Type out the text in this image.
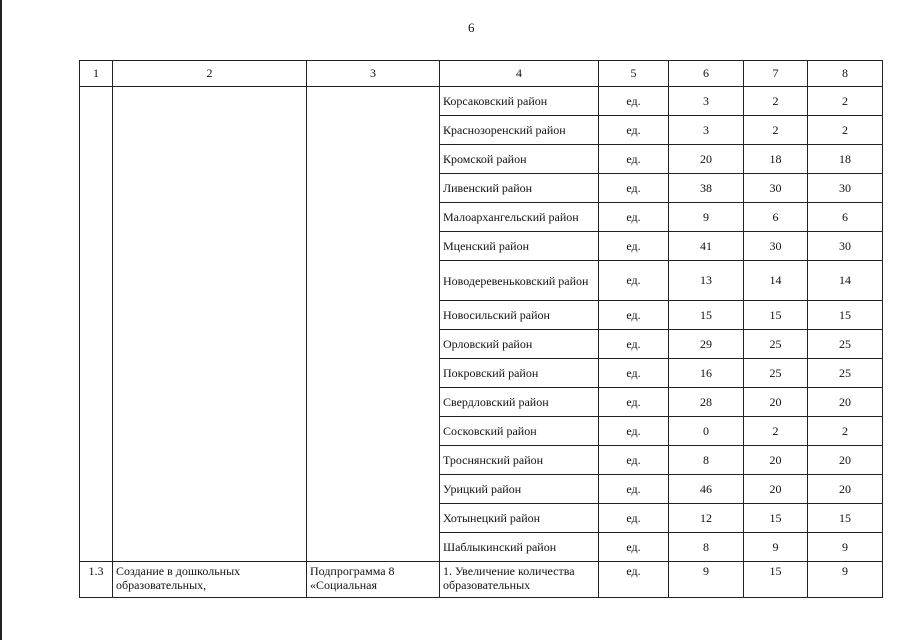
6
1	2	3	4	5	6	7	8
			Корсаковский район	ед.	3	2	2
			Краснозоренский район	ед.	3	2	2
			Кромской район	ед.	20	18	18
			Ливенский район	ед.	38	30	30
			Малоархангельский район	ед.	9	6	6
			Мценский район	ед.	41	30	30
			Новодеревеньковский район	ед.	13	14	14
			Новосильский район	ед.	15	15	15
			Орловский район	ед.	29	25	25
			Покровский район	ед.	16	25	25
			Свердловский район	ед.	28	20	20
			Сосковский район	ед.	0	2	2
			Троснянский район	ед.	8	20	20
			Урицкий район	ед.	46	20	20
			Хотынецкий район	ед.	12	15	15
			Шаблыкинский район	ед.	8	9	9
1.3	Создание в дошкольных образовательных,	Подпрограмма 8 «Социальная	1. Увеличение количества образовательных	ед.	9	15	9
